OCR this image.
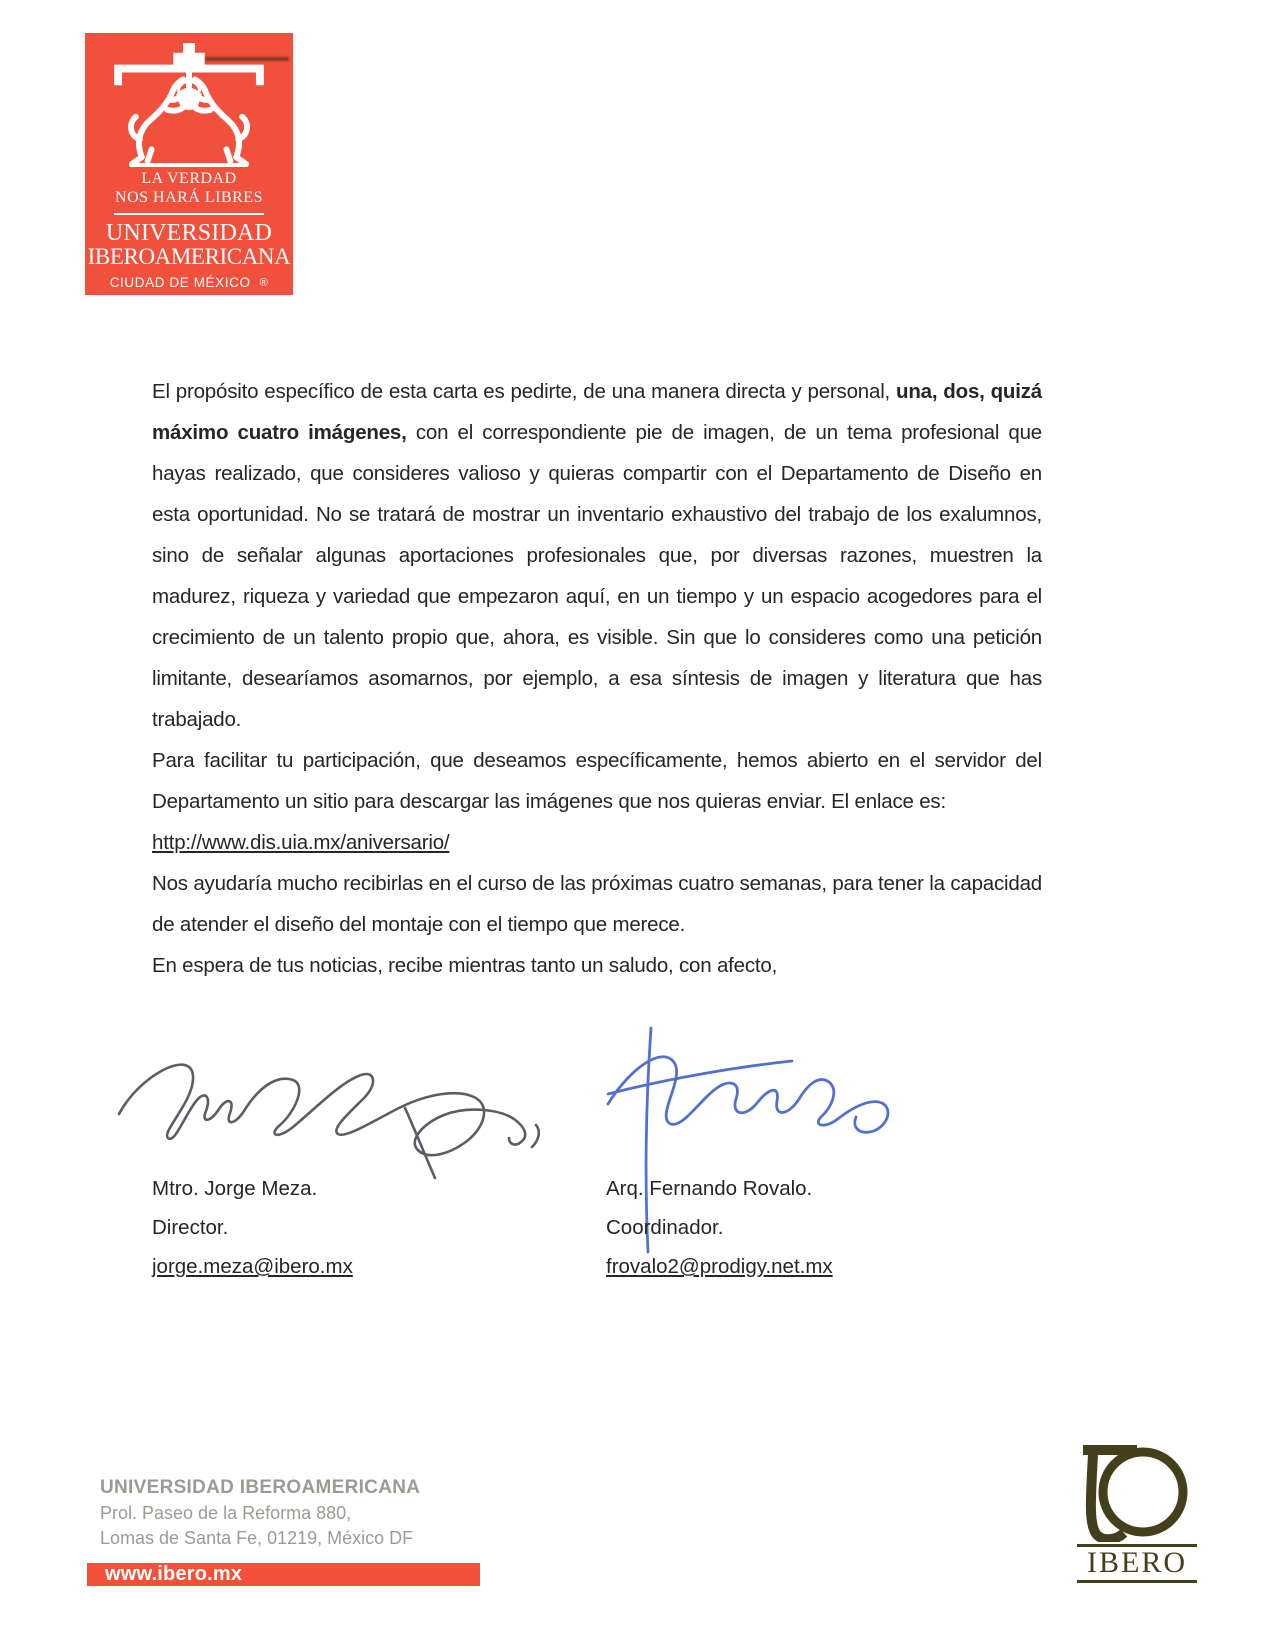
LA VERDAD
NOS HARÁ LIBRES
UNIVERSIDAD
IBEROAMERICANA
CIUDAD DE MÉXICO ®

El propósito específico de esta carta es pedirte, de una manera directa y personal, una, dos, quizá máximo cuatro imágenes, con el correspondiente pie de imagen, de un tema profesional que hayas realizado, que consideres valioso y quieras compartir con el Departamento de Diseño en esta oportunidad. No se tratará de mostrar un inventario exhaustivo del trabajo de los exalumnos, sino de señalar algunas aportaciones profesionales que, por diversas razones, muestren la madurez, riqueza y variedad que empezaron aquí, en un tiempo y un espacio acogedores para el crecimiento de un talento propio que, ahora, es visible. Sin que lo consideres como una petición limitante, desearíamos asomarnos, por ejemplo, a esa síntesis de imagen y literatura que has trabajado.

Para facilitar tu participación, que deseamos específicamente, hemos abierto en el servidor del Departamento un sitio para descargar las imágenes que nos quieras enviar. El enlace es:

http://www.dis.uia.mx/aniversario/

Nos ayudaría mucho recibirlas en el curso de las próximas cuatro semanas, para tener la capacidad de atender el diseño del montaje con el tiempo que merece.

En espera de tus noticias, recibe mientras tanto un saludo, con afecto,

Mtro. Jorge Meza.
Director.
jorge.meza@ibero.mx
Arq. Fernando Rovalo.
Coordinador.
frovalo2@prodigy.net.mx
UNIVERSIDAD IBEROAMERICANA
Prol. Paseo de la Reforma 880,
Lomas de Santa Fe, 01219, México DF
www.ibero.mx	IBERO
